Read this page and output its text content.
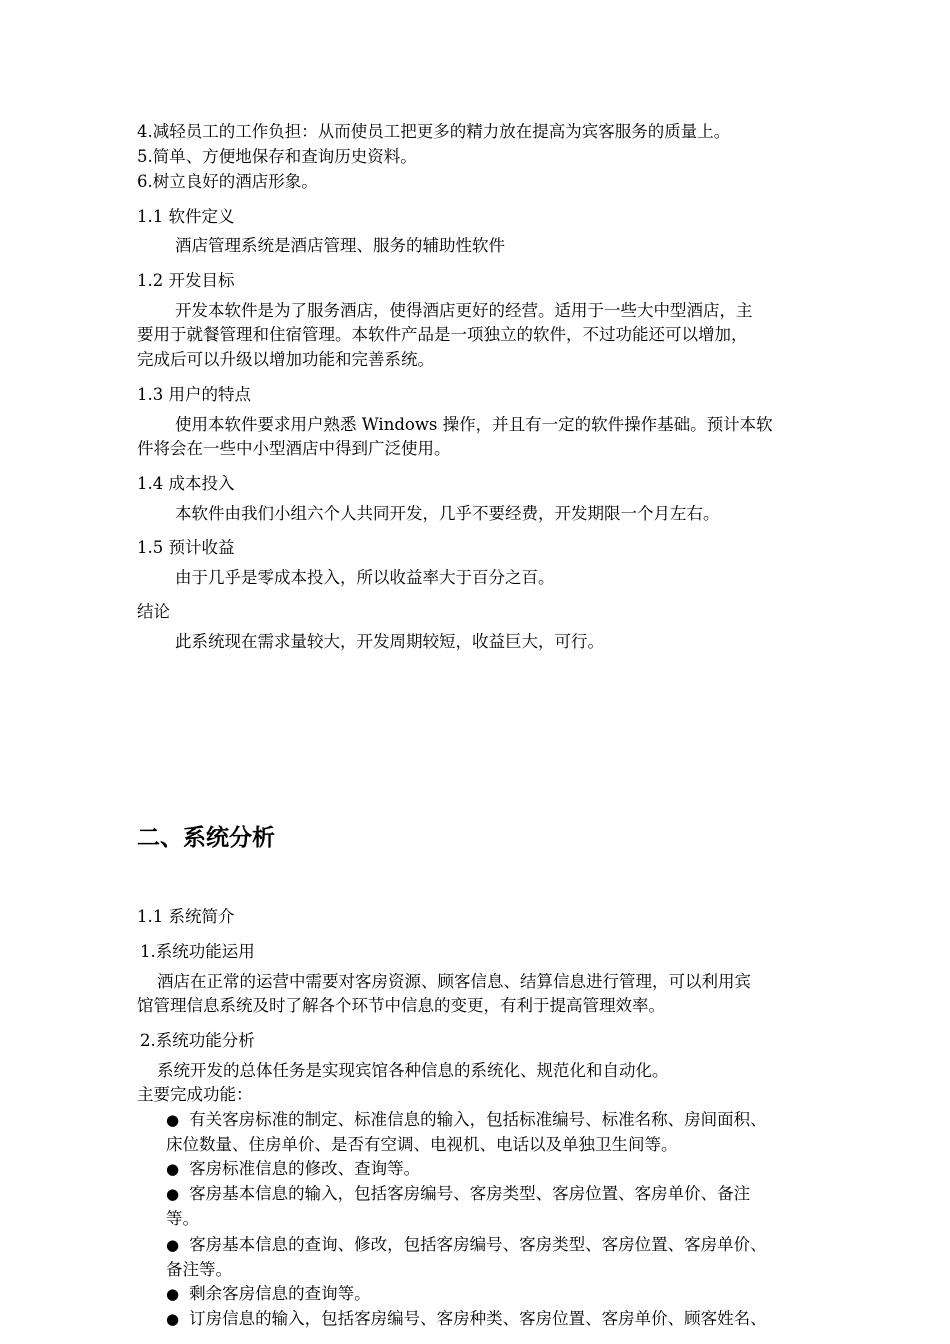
4.减轻员工的工作负担：从而使员工把更多的精力放在提高为宾客服务的质量上。
5.简单、方便地保存和查询历史资料。
6.树立良好的酒店形象。
1.1 软件定义
酒店管理系统是酒店管理、服务的辅助性软件
1.2 开发目标
开发本软件是为了服务酒店，使得酒店更好的经营。适用于一些大中型酒店，主
要用于就餐管理和住宿管理。本软件产品是一项独立的软件，不过功能还可以增加，
完成后可以升级以增加功能和完善系统。
1.3 用户的特点
使用本软件要求用户熟悉 Windows 操作，并且有一定的软件操作基础。预计本软
件将会在一些中小型酒店中得到广泛使用。
1.4 成本投入
本软件由我们小组六个人共同开发，几乎不要经费，开发期限一个月左右。
1.5 预计收益
由于几乎是零成本投入，所以收益率大于百分之百。
结论
此系统现在需求量较大，开发周期较短，收益巨大，可行。
二、系统分析
1.1 系统简介
1.系统功能运用
酒店在正常的运营中需要对客房资源、顾客信息、结算信息进行管理，可以利用宾
馆管理信息系统及时了解各个环节中信息的变更，有利于提高管理效率。
2.系统功能分析
系统开发的总体任务是实现宾馆各种信息的系统化、规范化和自动化。
主要完成功能：
● 有关客房标准的制定、标准信息的输入，包括标准编号、标准名称、房间面积、
床位数量、住房单价、是否有空调、电视机、电话以及单独卫生间等。
● 客房标准信息的修改、查询等。
● 客房基本信息的输入，包括客房编号、客房类型、客房位置、客房单价、备注
等。
● 客房基本信息的查询、修改，包括客房编号、客房类型、客房位置、客房单价、
备注等。
● 剩余客房信息的查询等。
● 订房信息的输入，包括客房编号、客房种类、客房位置、客房单价、顾客姓名、
